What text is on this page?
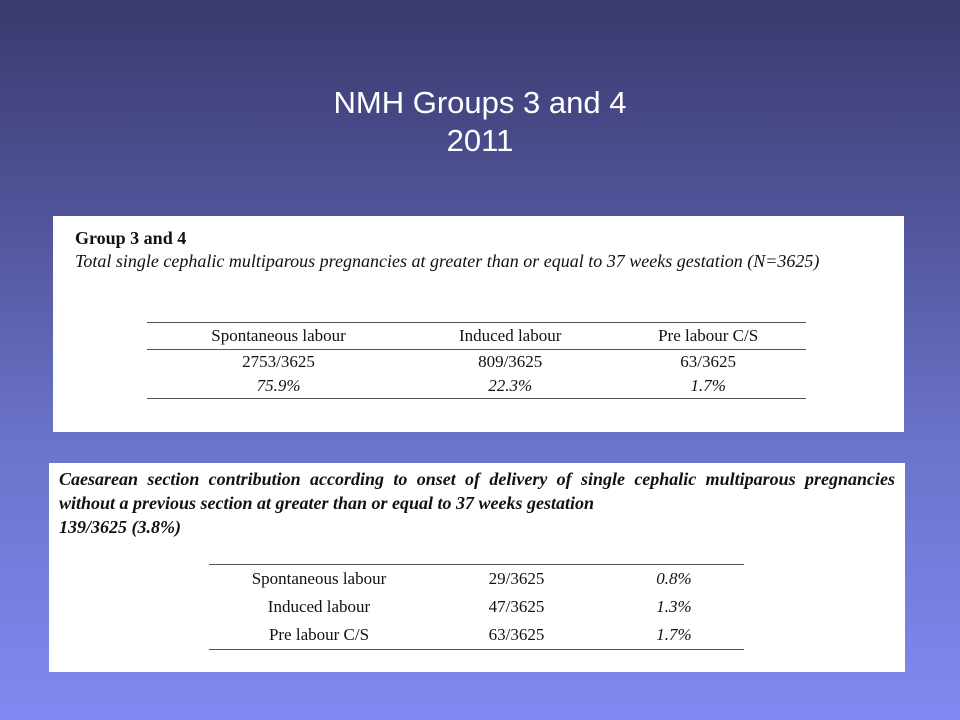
NMH Groups 3 and 4
2011
Group 3 and 4
Total single cephalic multiparous pregnancies at greater than or equal to 37 weeks gestation (N=3625)
Spontaneous labour	Induced labour	Pre labour C/S
2753/3625	809/3625	63/3625
75.9%	22.3%	1.7%
Caesarean section contribution according to onset of delivery of single cephalic multiparous pregnancies without a previous section at greater than or equal to 37 weeks gestation
139/3625 (3.8%)
Spontaneous labour	29/3625	0.8%
Induced labour	47/3625	1.3%
Pre labour C/S	63/3625	1.7%
